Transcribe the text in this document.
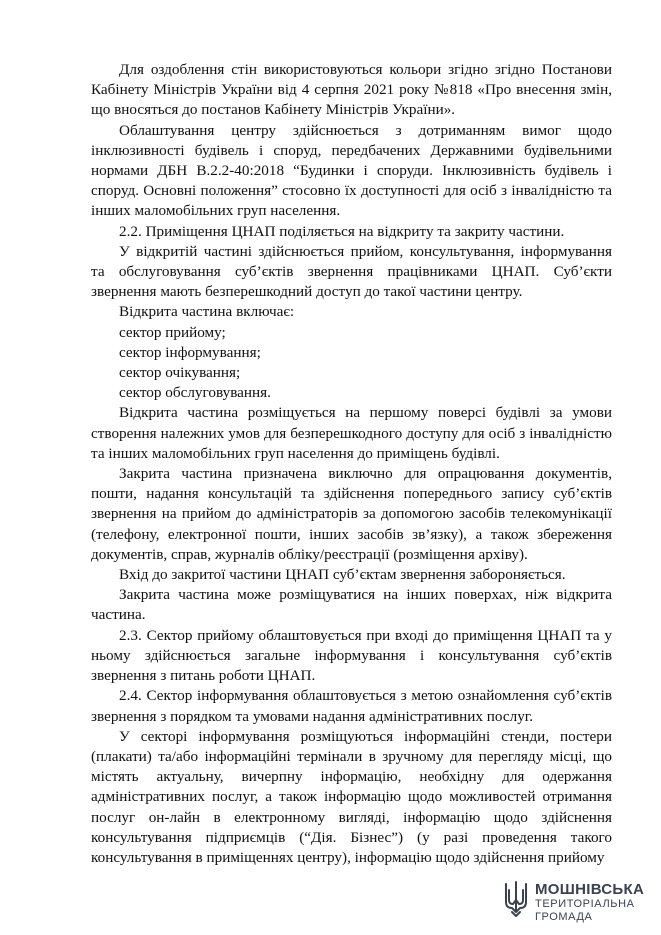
Для оздоблення стін використовуються кольори згідно згідно Постанови Кабінету Міністрів України від 4 серпня 2021 року №818 «Про внесення змін, що вносяться до постанов Кабінету Міністрів України».

Облаштування центру здійснюється з дотриманням вимог щодо інклюзивності будівель і споруд, передбачених Державними будівельними нормами ДБН В.2.2-40:2018 “Будинки і споруди. Інклюзивність будівель і споруд. Основні положення” стосовно їх доступності для осіб з інвалідністю та інших маломобільних груп населення.

2.2. Приміщення ЦНАП поділяється на відкриту та закриту частини.

У відкритій частині здійснюється прийом, консультування, інформування та обслуговування суб’єктів звернення працівниками ЦНАП. Суб’єкти звернення мають безперешкодний доступ до такої частини центру.

Відкрита частина включає:

сектор прийому;

сектор інформування;

сектор очікування;

сектор обслуговування.

Відкрита частина розміщується на першому поверсі будівлі за умови створення належних умов для безперешкодного доступу для осіб з інвалідністю та інших маломобільних груп населення до приміщень будівлі.

Закрита частина призначена виключно для опрацювання документів, пошти, надання консультацій та здійснення попереднього запису суб’єктів звернення на прийом до адміністраторів за допомогою засобів телекомунікації (телефону, електронної пошти, інших засобів зв’язку), а також збереження документів, справ, журналів обліку/реєстрації (розміщення архіву).

Вхід до закритої частини ЦНАП суб’єктам звернення забороняється.

Закрита частина може розміщуватися на інших поверхах, ніж відкрита частина.

2.3. Сектор прийому облаштовується при вході до приміщення ЦНАП та у ньому здійснюється загальне інформування і консультування суб’єктів звернення з питань роботи ЦНАП.

2.4. Сектор інформування облаштовується з метою ознайомлення суб’єктів звернення з порядком та умовами надання адміністративних послуг.

У секторі інформування розміщуються інформаційні стенди, постери (плакати) та/або інформаційні термінали в зручному для перегляду місці, що містять актуальну, вичерпну інформацію, необхідну для одержання адміністративних послуг, а також інформацію щодо можливостей отримання послуг он-лайн в електронному вигляді, інформацію щодо здійснення консультування підприємців (“Дія. Бізнес”) (у разі проведення такого консультування в приміщеннях центру), інформацію щодо здійснення прийому

МОШНІВСЬКА
ТЕРИТОРІАЛЬНА
ГРОМАДА
